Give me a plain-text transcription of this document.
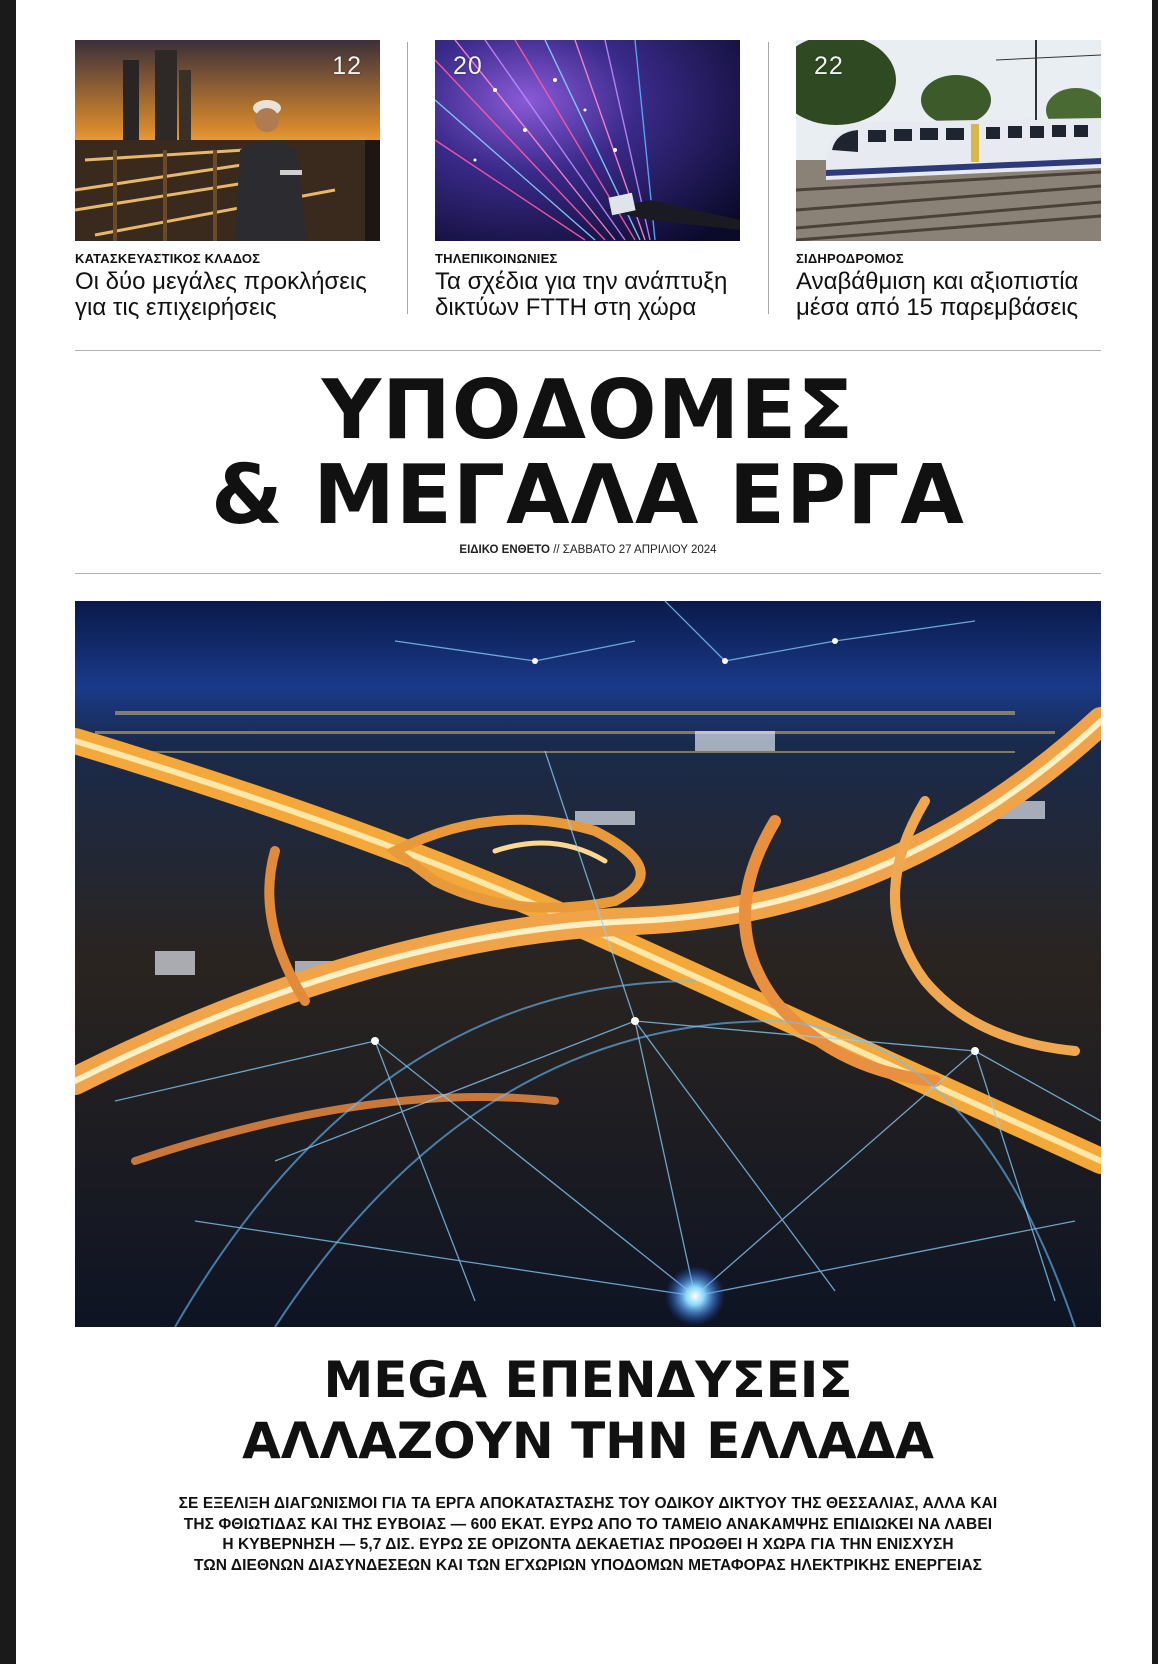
12
ΚΑΤΑΣΚΕΥΑΣΤΙΚΟΣ ΚΛΑΔΟΣ
Οι δύο μεγάλες προκλήσεις για τις επιχειρήσεις
20
ΤΗΛΕΠΙΚΟΙΝΩΝΙΕΣ
Τα σχέδια για την ανάπτυξη δικτύων FTTH στη χώρα
22
ΣΙΔΗΡΟΔΡΟΜΟΣ
Αναβάθμιση και αξιοπιστία μέσα από 15 παρεμβάσεις
ΥΠΟΔΟΜΕΣ
& ΜΕΓΑΛΑ ΕΡΓΑ
ΕΙΔΙΚΟ ΕΝΘΕΤΟ // ΣΑΒΒΑΤΟ 27 ΑΠΡΙΛΙΟΥ 2024
MEGA ΕΠΕΝΔΥΣΕΙΣ
ΑΛΛΑΖΟΥΝ ΤΗΝ ΕΛΛΑΔΑ
ΣΕ ΕΞΕΛΙΞΗ ΔΙΑΓΩΝΙΣΜΟΙ ΓΙΑ ΤΑ ΕΡΓΑ ΑΠΟΚΑΤΑΣΤΑΣΗΣ ΤΟΥ ΟΔΙΚΟΥ ΔΙΚΤΥΟΥ ΤΗΣ ΘΕΣΣΑΛΙΑΣ, ΑΛΛΑ ΚΑΙ
ΤΗΣ ΦΘΙΩΤΙΔΑΣ ΚΑΙ ΤΗΣ ΕΥΒΟΙΑΣ — 600 ΕΚΑΤ. ΕΥΡΩ ΑΠΟ ΤΟ ΤΑΜΕΙΟ ΑΝΑΚΑΜΨΗΣ ΕΠΙΔΙΩΚΕΙ ΝΑ ΛΑΒΕΙ
Η ΚΥΒΕΡΝΗΣΗ — 5,7 ΔΙΣ. ΕΥΡΩ ΣΕ ΟΡΙΖΟΝΤΑ ΔΕΚΑΕΤΙΑΣ ΠΡΟΩΘΕΙ Η ΧΩΡΑ ΓΙΑ ΤΗΝ ΕΝΙΣΧΥΣΗ
ΤΩΝ ΔΙΕΘΝΩΝ ΔΙΑΣΥΝΔΕΣΕΩΝ ΚΑΙ ΤΩΝ ΕΓΧΩΡΙΩΝ ΥΠΟΔΟΜΩΝ ΜΕΤΑΦΟΡΑΣ ΗΛΕΚΤΡΙΚΗΣ ΕΝΕΡΓΕΙΑΣ
